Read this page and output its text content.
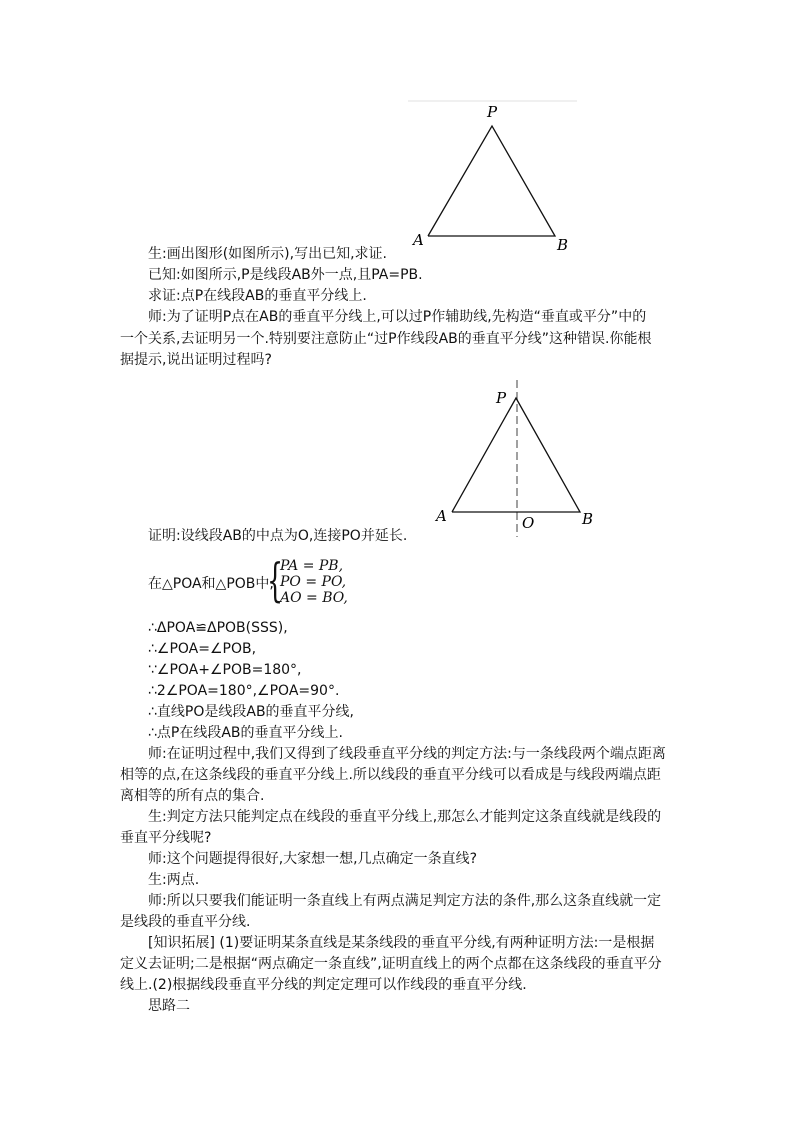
P
A	B
P
A	B
O
生:画出图形(如图所示),写出已知,求证.
已知:如图所示,P是线段AB外一点,且PA=PB.
求证:点P在线段AB的垂直平分线上.
师:为了证明P点在AB的垂直平分线上,可以过P作辅助线,先构造“垂直或平分”中的
一个关系,去证明另一个.特别要注意防止“过P作线段AB的垂直平分线”这种错误.你能根
据提示,说出证明过程吗?
证明:设线段AB的中点为O,连接PO并延长.
在△POA和△POB中,
{
PA = PB,
PO = PO,
AO = BO,
∴ΔPOA≌ΔPOB(SSS),
∴∠POA=∠POB,
∵∠POA+∠POB=180°,
∴2∠POA=180°,∠POA=90°.
∴直线PO是线段AB的垂直平分线,
∴点P在线段AB的垂直平分线上.
师:在证明过程中,我们又得到了线段垂直平分线的判定方法:与一条线段两个端点距离
相等的点,在这条线段的垂直平分线上.所以线段的垂直平分线可以看成是与线段两端点距
离相等的所有点的集合.
生:判定方法只能判定点在线段的垂直平分线上,那怎么才能判定这条直线就是线段的
垂直平分线呢?
师:这个问题提得很好,大家想一想,几点确定一条直线?
生:两点.
师:所以只要我们能证明一条直线上有两点满足判定方法的条件,那么这条直线就一定
是线段的垂直平分线.
[知识拓展] (1)要证明某条直线是某条线段的垂直平分线,有两种证明方法:一是根据
定义去证明;二是根据“两点确定一条直线”,证明直线上的两个点都在这条线段的垂直平分
线上.(2)根据线段垂直平分线的判定定理可以作线段的垂直平分线.
思路二
